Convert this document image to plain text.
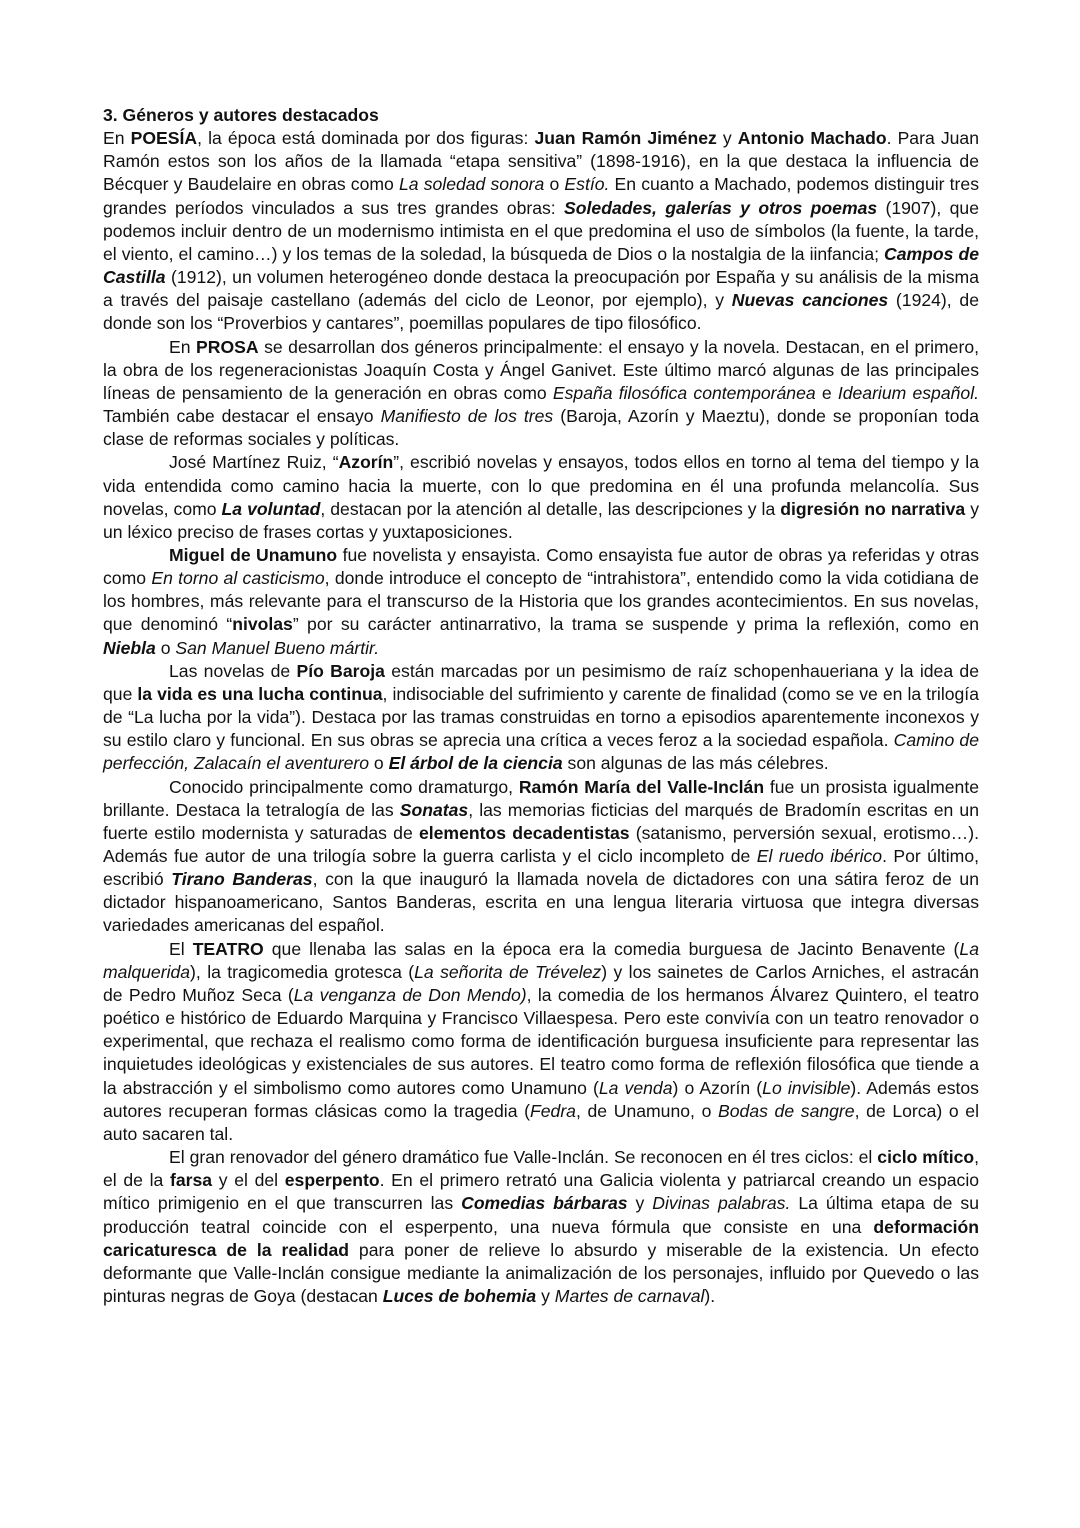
3. Géneros y autores destacados

En POESÍA, la época está dominada por dos figuras: Juan Ramón Jiménez y Antonio Machado. Para Juan Ramón estos son los años de la llamada “etapa sensitiva” (1898-1916), en la que destaca la influencia de Bécquer y Baudelaire en obras como La soledad sonora o Estío. En cuanto a Machado, podemos distinguir tres grandes períodos vinculados a sus tres grandes obras: Soledades, galerías y otros poemas (1907), que podemos incluir dentro de un modernismo intimista en el que predomina el uso de símbolos (la fuente, la tarde, el viento, el camino…) y los temas de la soledad, la búsqueda de Dios o la nostalgia de la iinfancia; Campos de Castilla (1912), un volumen heterogéneo donde destaca la preocupación por España y su análisis de la misma a través del paisaje castellano (además del ciclo de Leonor, por ejemplo), y Nuevas canciones (1924), de donde son los “Proverbios y cantares”, poemillas populares de tipo filosófico.

En PROSA se desarrollan dos géneros principalmente: el ensayo y la novela. Destacan, en el primero, la obra de los regeneracionistas Joaquín Costa y Ángel Ganivet. Este último marcó algunas de las principales líneas de pensamiento de la generación en obras como España filosófica contemporánea e Idearium español. También cabe destacar el ensayo Manifiesto de los tres (Baroja, Azorín y Maeztu), donde se proponían toda clase de reformas sociales y políticas.

José Martínez Ruiz, “Azorín”, escribió novelas y ensayos, todos ellos en torno al tema del tiempo y la vida entendida como camino hacia la muerte, con lo que predomina en él una profunda melancolía. Sus novelas, como La voluntad, destacan por la atención al detalle, las descripciones y la digresión no narrativa y un léxico preciso de frases cortas y yuxtaposiciones.

Miguel de Unamuno fue novelista y ensayista. Como ensayista fue autor de obras ya referidas y otras como En torno al casticismo, donde introduce el concepto de “intrahistora”, entendido como la vida cotidiana de los hombres, más relevante para el transcurso de la Historia que los grandes acontecimientos. En sus novelas, que denominó “nivolas” por su carácter antinarrativo, la trama se suspende y prima la reflexión, como en Niebla o San Manuel Bueno mártir.

Las novelas de Pío Baroja están marcadas por un pesimismo de raíz schopenhaueriana y la idea de que la vida es una lucha continua, indisociable del sufrimiento y carente de finalidad (como se ve en la trilogía de “La lucha por la vida”). Destaca por las tramas construidas en torno a episodios aparentemente inconexos y su estilo claro y funcional. En sus obras se aprecia una crítica a veces feroz a la sociedad española. Camino de perfección, Zalacaín el aventurero o El árbol de la ciencia son algunas de las más célebres.

Conocido principalmente como dramaturgo, Ramón María del Valle-Inclán fue un prosista igualmente brillante. Destaca la tetralogía de las Sonatas, las memorias ficticias del marqués de Bradomín escritas en un fuerte estilo modernista y saturadas de elementos decadentistas (satanismo, perversión sexual, erotismo…). Además fue autor de una trilogía sobre la guerra carlista y el ciclo incompleto de El ruedo ibérico. Por último, escribió Tirano Banderas, con la que inauguró la llamada novela de dictadores con una sátira feroz de un dictador hispanoamericano, Santos Banderas, escrita en una lengua literaria virtuosa que integra diversas variedades americanas del español.

El TEATRO que llenaba las salas en la época era la comedia burguesa de Jacinto Benavente (La malquerida), la tragicomedia grotesca (La señorita de Trévelez) y los sainetes de Carlos Arniches, el astracán de Pedro Muñoz Seca (La venganza de Don Mendo), la comedia de los hermanos Álvarez Quintero, el teatro poético e histórico de Eduardo Marquina y Francisco Villaespesa. Pero este convivía con un teatro renovador o experimental, que rechaza el realismo como forma de identificación burguesa insuficiente para representar las inquietudes ideológicas y existenciales de sus autores. El teatro como forma de reflexión filosófica que tiende a la abstracción y el simbolismo como autores como Unamuno (La venda) o Azorín (Lo invisible). Además estos autores recuperan formas clásicas como la tragedia (Fedra, de Unamuno, o Bodas de sangre, de Lorca) o el auto sacaren tal.

El gran renovador del género dramático fue Valle-Inclán. Se reconocen en él tres ciclos: el ciclo mítico, el de la farsa y el del esperpento. En el primero retrató una Galicia violenta y patriarcal creando un espacio mítico primigenio en el que transcurren las Comedias bárbaras y Divinas palabras. La última etapa de su producción teatral coincide con el esperpento, una nueva fórmula que consiste en una deformación caricaturesca de la realidad para poner de relieve lo absurdo y miserable de la existencia. Un efecto deformante que Valle-Inclán consigue mediante la animalización de los personajes, influido por Quevedo o las pinturas negras de Goya (destacan Luces de bohemia y Martes de carnaval).
